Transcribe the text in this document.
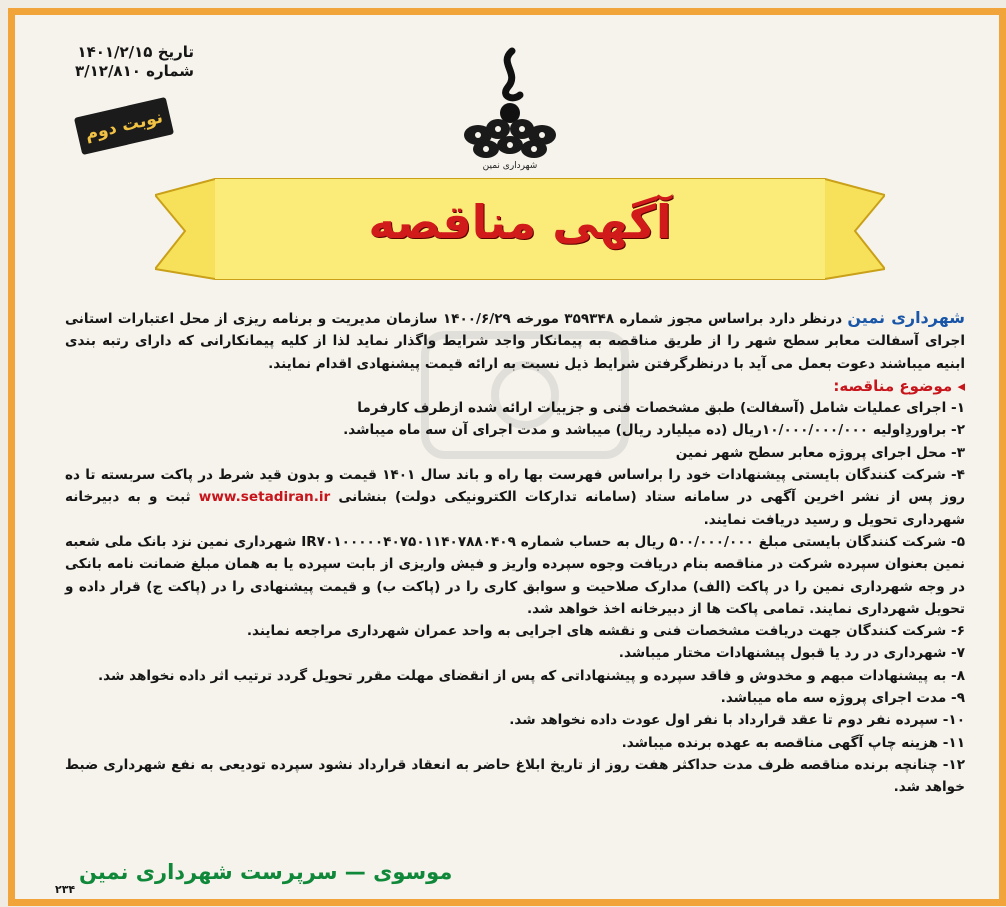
تاریخ ۱۴۰۱/۲/۱۵
شماره ۳/۱۲/۸۱۰
نوبت دوم
شهرداری نمین
آگهی مناقصه

شهرداری نمین درنظر دارد براساس مجوز شماره ۳۵۹۳۴۸ مورخه ۱۴۰۰/۶/۲۹ سازمان مدیریت و برنامه ریزی از محل اعتبارات استانی اجرای آسفالت معابر سطح شهر را از طریق مناقصه به پیمانکار واجد شرایط واگذار نماید لذا از کلیه پیمانکارانی که دارای رتبه بندی ابنیه میباشند دعوت بعمل می آید با درنظرگرفتن شرایط ذیل نسبت به ارائه قیمت پیشنهادی اقدام نمایند.

◂ موضوع مناقصه:

۱- اجرای عملیات شامل (آسفالت) طبق مشخصات فنی و جزییات ارائه شده ازطرف کارفرما
۲- براوردِاولیه ۱۰/۰۰۰/۰۰۰/۰۰۰ریال (ده میلیارد ریال) میباشد و مدت اجرای آن سه ماه میباشد.
۳- محل اجرای پروژه معابر سطح شهر نمین
۴- شرکت کنندگان بایستی پیشنهادات خود را براساس فهرست بها راه و باند سال ۱۴۰۱ قیمت و بدون قید شرط در پاکت سربسته تا ده روز پس از نشر اخرین آگهی در سامانه ستاد (سامانه تدارکات الکترونیکی دولت) بنشانی www.setadiran.ir ثبت و به دبیرخانه شهرداری تحویل و رسید دریافت نمایند.
۵- شرکت کنندگان بایستی مبلغ ۵۰۰/۰۰۰/۰۰۰ ریال به حساب شماره IR۷۰۱۰۰۰۰۰۴۰۷۵۰۱۱۴۰۷۸۸۰۴۰۹ شهرداری نمین نزد بانک ملی شعبه نمین بعنوان سپرده شرکت در مناقصه بنام دریافت وجوه سپرده واریز و فیش واریزی از بابت سپرده یا به همان مبلغ ضمانت نامه بانکی در وجه شهرداری نمین را در پاکت (الف) مدارک صلاحیت و سوابق کاری را در (پاکت ب) و قیمت پیشنهادی را در (پاکت ج) قرار داده و تحویل شهرداری نمایند. تمامی پاکت ها از دبیرخانه اخذ خواهد شد.
۶- شرکت کنندگان جهت دریافت مشخصات فنی و نقشه های اجرایی به واحد عمران شهرداری مراجعه نمایند.
۷- شهرداری در رد یا قبول پیشنهادات مختار میباشد.
۸- به پیشنهادات مبهم و مخدوش و فاقد سپرده و پیشنهاداتی که پس از انقضای مهلت مقرر تحویل گردد ترتیب اثر داده نخواهد شد.
۹- مدت اجرای پروژه سه ماه میباشد.
۱۰- سپرده نفر دوم تا عقد قرارداد با نفر اول عودت داده نخواهد شد.
۱۱- هزینه چاپ آگهی مناقصه به عهده برنده میباشد.
۱۲- چنانچه برنده مناقصه ظرف مدت حداکثر هفت روز از تاریخ ابلاغ حاضر به انعقاد قرارداد نشود سپرده تودیعی به نفع شهرداری ضبط خواهد شد.
موسوی — سرپرست شهرداری نمین
۲۳۴
